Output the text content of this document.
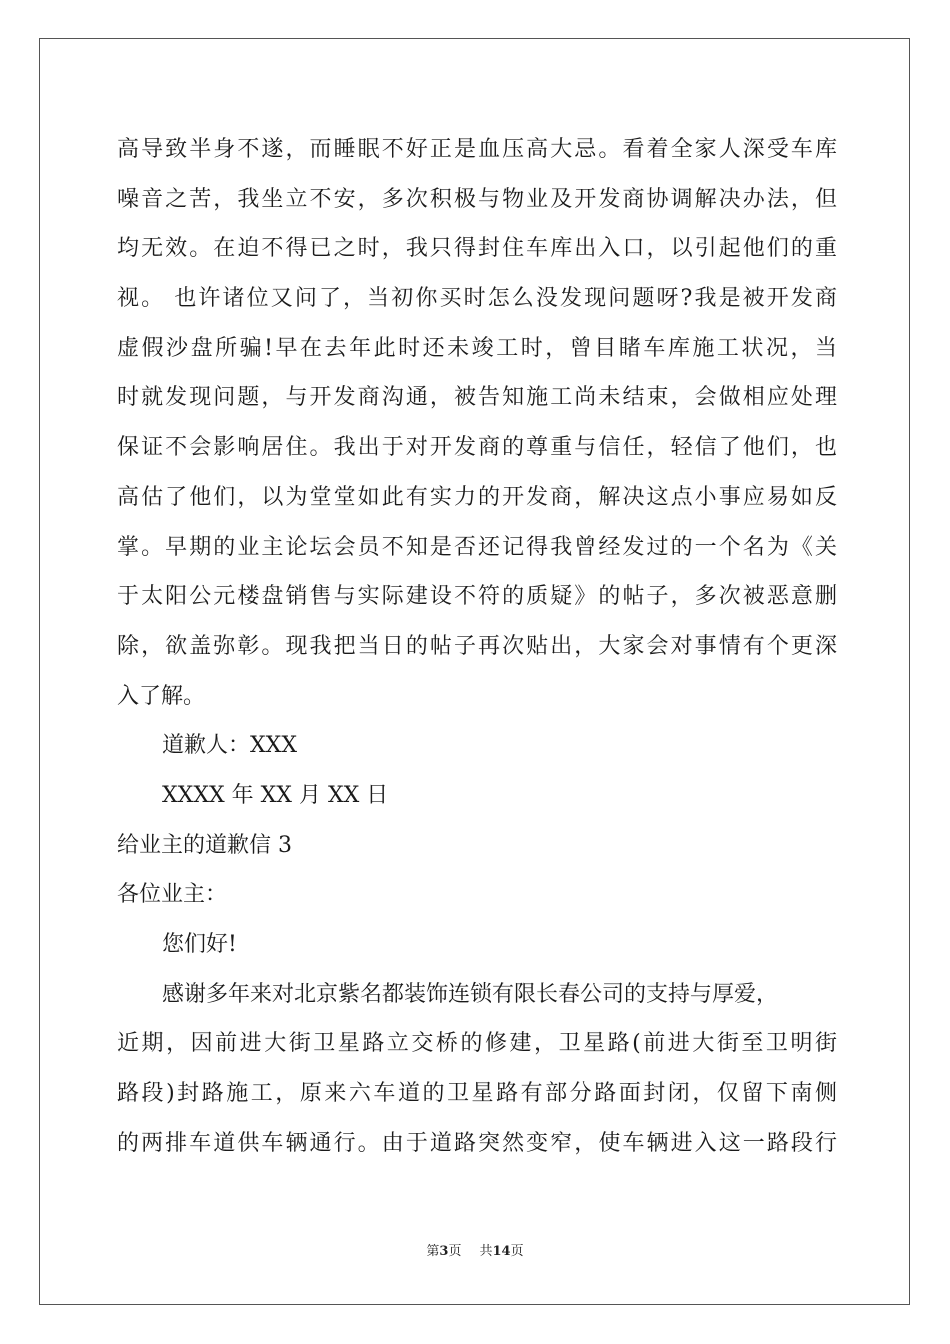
高导致半身不遂，而睡眠不好正是血压高大忌。看着全家人深受车库
噪音之苦，我坐立不安，多次积极与物业及开发商协调解决办法，但
均无效。在迫不得已之时，我只得封住车库出入口，以引起他们的重
视。 也许诸位又问了，当初你买时怎么没发现问题呀?我是被开发商
虚假沙盘所骗!早在去年此时还未竣工时，曾目睹车库施工状况，当
时就发现问题，与开发商沟通，被告知施工尚未结束，会做相应处理
保证不会影响居住。我出于对开发商的尊重与信任，轻信了他们，也
高估了他们，以为堂堂如此有实力的开发商，解决这点小事应易如反
掌。早期的业主论坛会员不知是否还记得我曾经发过的一个名为《关
于太阳公元楼盘销售与实际建设不符的质疑》的帖子，多次被恶意删
除，欲盖弥彰。现我把当日的帖子再次贴出，大家会对事情有个更深
入了解。
道歉人：XXX
XXXX 年 XX 月 XX 日
给业主的道歉信 3
各位业主：
您们好!
感谢多年来对北京紫名都装饰连锁有限长春公司的支持与厚爱，
近期，因前进大街卫星路立交桥的修建，卫星路(前进大街至卫明街
路段)封路施工，原来六车道的卫星路有部分路面封闭，仅留下南侧
的两排车道供车辆通行。由于道路突然变窄，使车辆进入这一路段行
第3页 共14页
